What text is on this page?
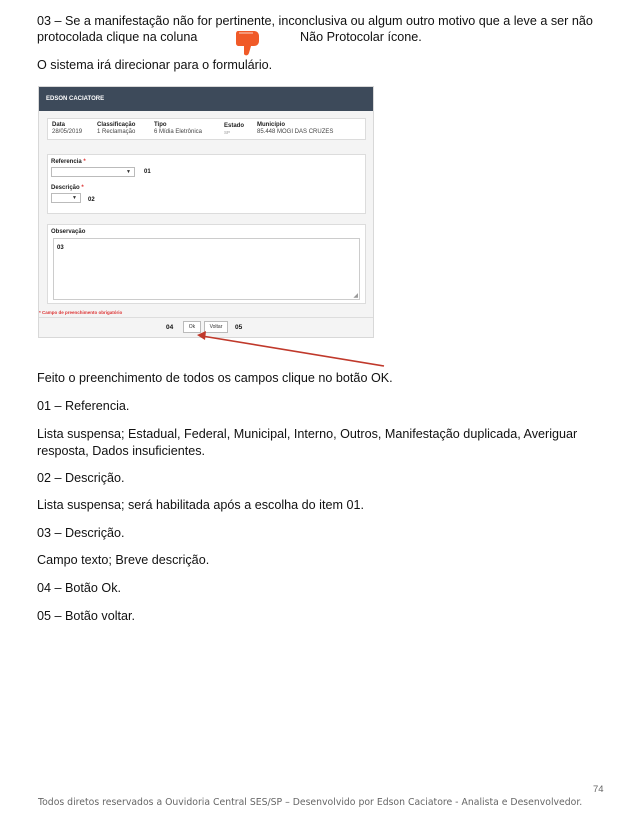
03 – Se a manifestação não for pertinente, inconclusiva ou algum outro motivo que a leve a ser não
protocolada clique na coluna	Não Protocolar ícone.
O sistema irá direcionar para o formulário.
EDSON CACIATORE
Data
28/05/2019
Classificação
1 Reclamação
Tipo
6 Mídia Eletrônica
Estado
SP
Município
85.448 MOGI DAS CRUZES
Referencia *
▼ 01
Descrição *
▼ 02
Observação
03
◢
* Campo de preenchimento obrigatório
04	Ok	Voltar	05
Feito o preenchimento de todos os campos clique no botão OK.
01 – Referencia.
Lista suspensa; Estadual, Federal, Municipal, Interno, Outros, Manifestação duplicada, Averiguar
resposta, Dados insuficientes.
02 – Descrição.
Lista suspensa; será habilitada após a escolha do item 01.
03 – Descrição.
Campo texto; Breve descrição.
04 – Botão Ok.
05 – Botão voltar.
74
Todos diretos reservados a Ouvidoria Central SES/SP – Desenvolvido por Edson Caciatore - Analista e Desenvolvedor.
